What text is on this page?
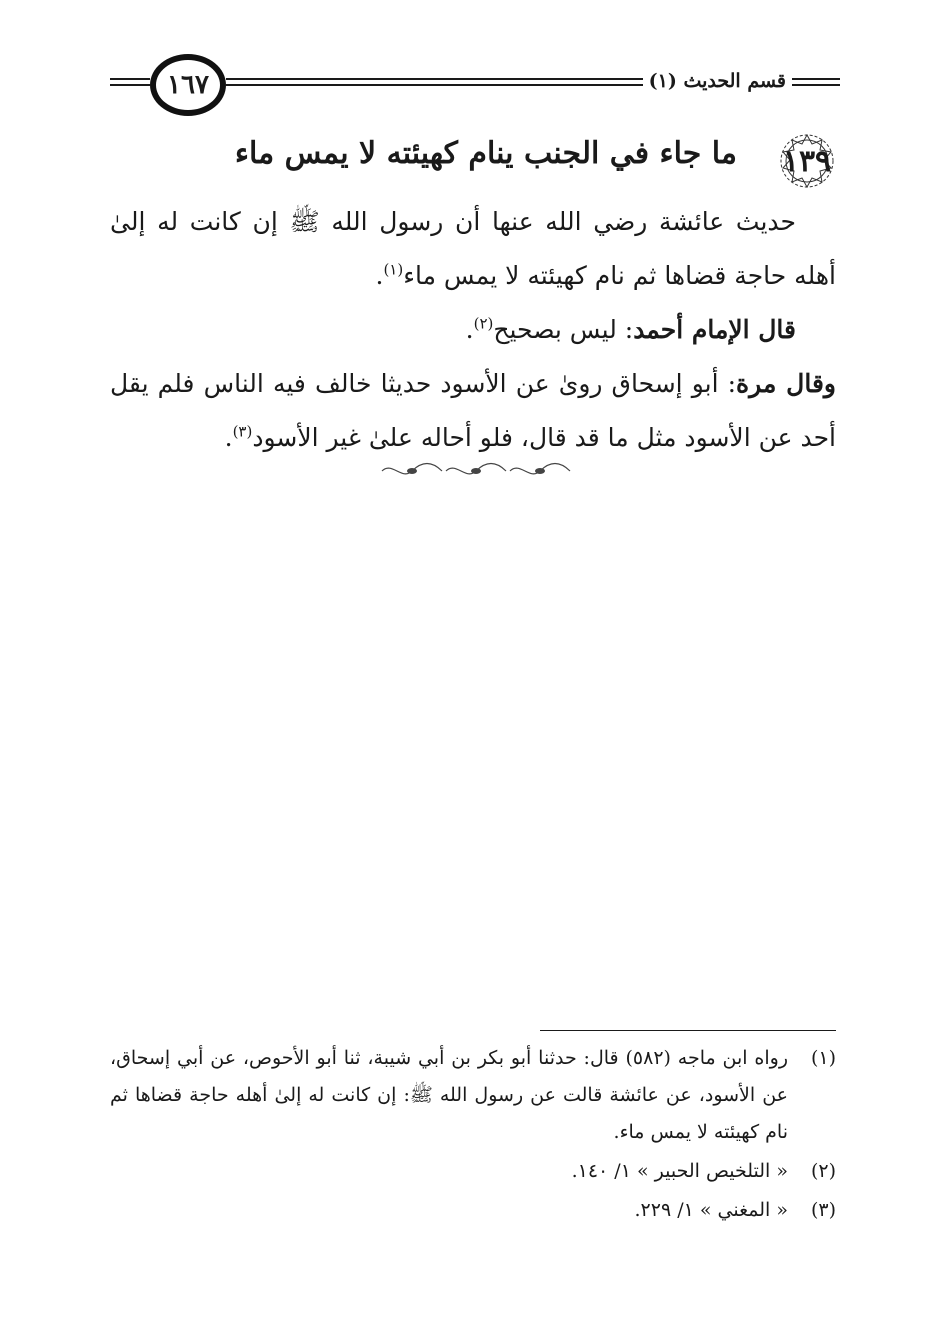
١٦٧	قسم الحديث (١)
١٣٩
ما جاء في الجنب ينام كهيئته لا يمس ماء

حديث عائشة رضي الله عنها أن رسول الله ﷺ إن كانت له إلىٰ أهله حاجة قضاها ثم نام كهيئته لا يمس ماء$^{(١)}$.

قال الإمام أحمد: ليس بصحيح$^{(٢)}$.

وقال مرة: أبو إسحاق روىٰ عن الأسود حديثا خالف فيه الناس فلم يقل أحد عن الأسود مثل ما قد قال، فلو أحاله علىٰ غير الأسود$^{(٣)}$.

(١)
رواه ابن ماجه (٥٨٢) قال: حدثنا أبو بكر بن أبي شيبة، ثنا أبو الأحوص، عن أبي إسحاق، عن الأسود، عن عائشة قالت عن رسول الله ﷺ: إن كانت له إلىٰ أهله حاجة قضاها ثم نام كهيئته لا يمس ماء.

(٢)
« التلخيص الحبير » ١/ ١٤٠.

(٣)
« المغني » ١/ ٢٢٩.
